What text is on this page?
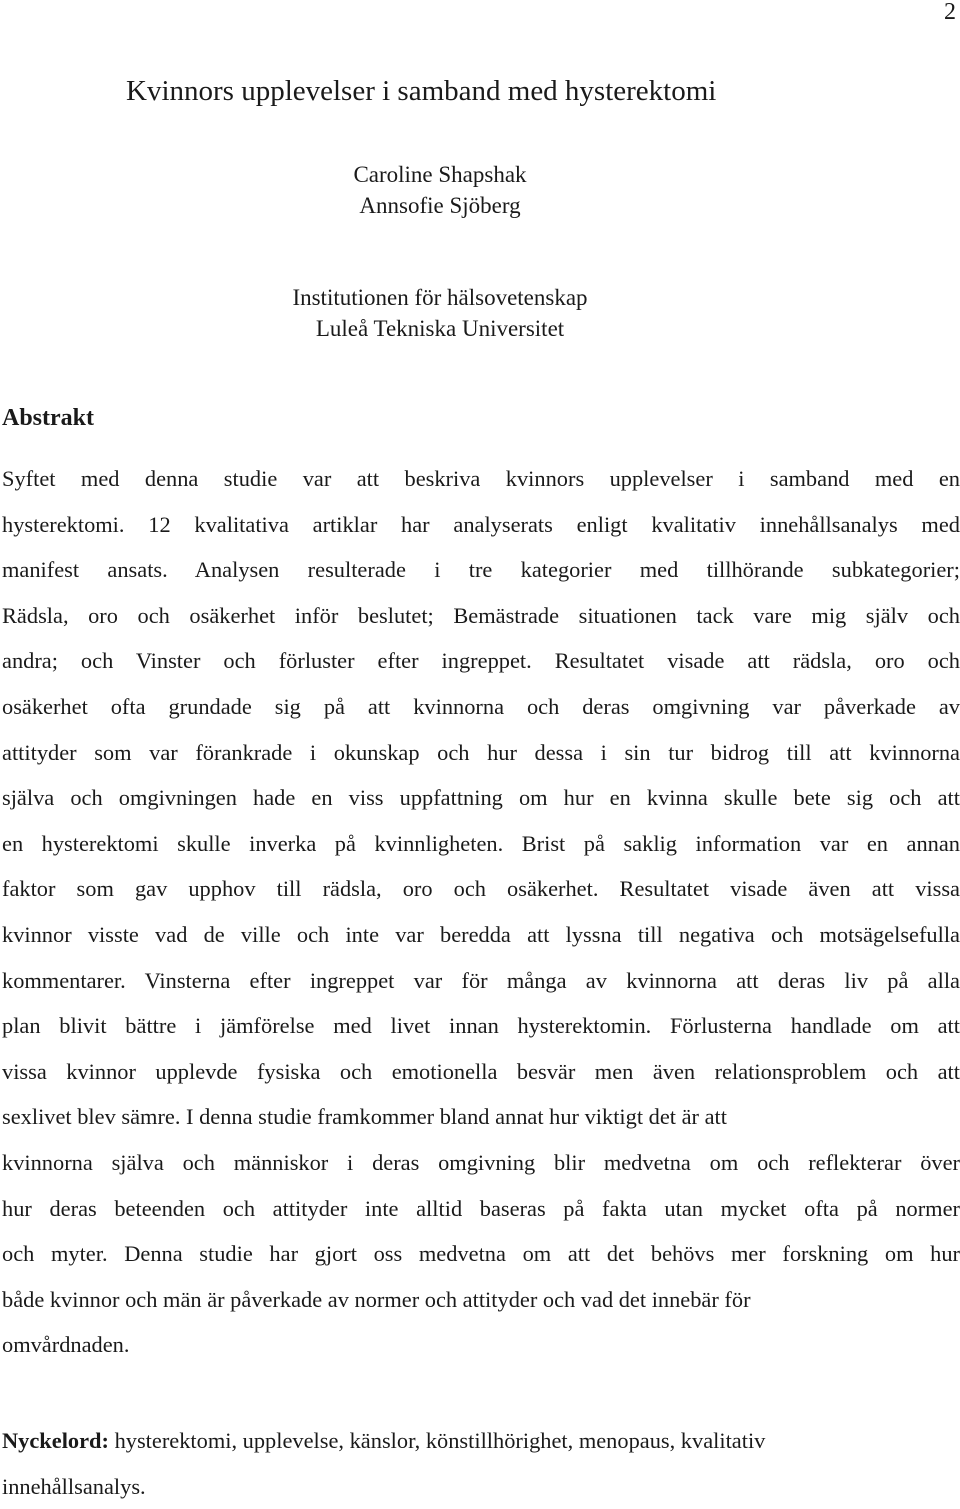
2
Kvinnors upplevelser i samband med hysterektomi
Caroline Shapshak
Annsofie Sjöberg
Institutionen för hälsovetenskap
Luleå Tekniska Universitet
Abstrakt
Syftet med denna studie var att beskriva kvinnors upplevelser i samband med en
hysterektomi. 12 kvalitativa artiklar har analyserats enligt kvalitativ innehållsanalys med
manifest ansats. Analysen resulterade i tre kategorier med tillhörande subkategorier;
Rädsla, oro och osäkerhet inför beslutet; Bemästrade situationen tack vare mig själv och
andra; och Vinster och förluster efter ingreppet. Resultatet visade att rädsla, oro och
osäkerhet ofta grundade sig på att kvinnorna och deras omgivning var påverkade av
attityder som var förankrade i okunskap och hur dessa i sin tur bidrog till att kvinnorna
själva och omgivningen hade en viss uppfattning om hur en kvinna skulle bete sig och att
en hysterektomi skulle inverka på kvinnligheten. Brist på saklig information var en annan
faktor som gav upphov till rädsla, oro och osäkerhet. Resultatet visade även att vissa
kvinnor visste vad de ville och inte var beredda att lyssna till negativa och motsägelsefulla
kommentarer. Vinsterna efter ingreppet var för många av kvinnorna att deras liv på alla
plan blivit bättre i jämförelse med livet innan hysterektomin. Förlusterna handlade om att
vissa kvinnor upplevde fysiska och emotionella besvär men även relationsproblem och att
sexlivet blev sämre. I denna studie framkommer bland annat hur viktigt det är att
kvinnorna själva och människor i deras omgivning blir medvetna om och reflekterar över
hur deras beteenden och attityder inte alltid baseras på fakta utan mycket ofta på normer
och myter. Denna studie har gjort oss medvetna om att det behövs mer forskning om hur
både kvinnor och män är påverkade av normer och attityder och vad det innebär för
omvårdnaden.
Nyckelord: hysterektomi, upplevelse, känslor, könstillhörighet, menopaus, kvalitativ
innehållsanalys.
